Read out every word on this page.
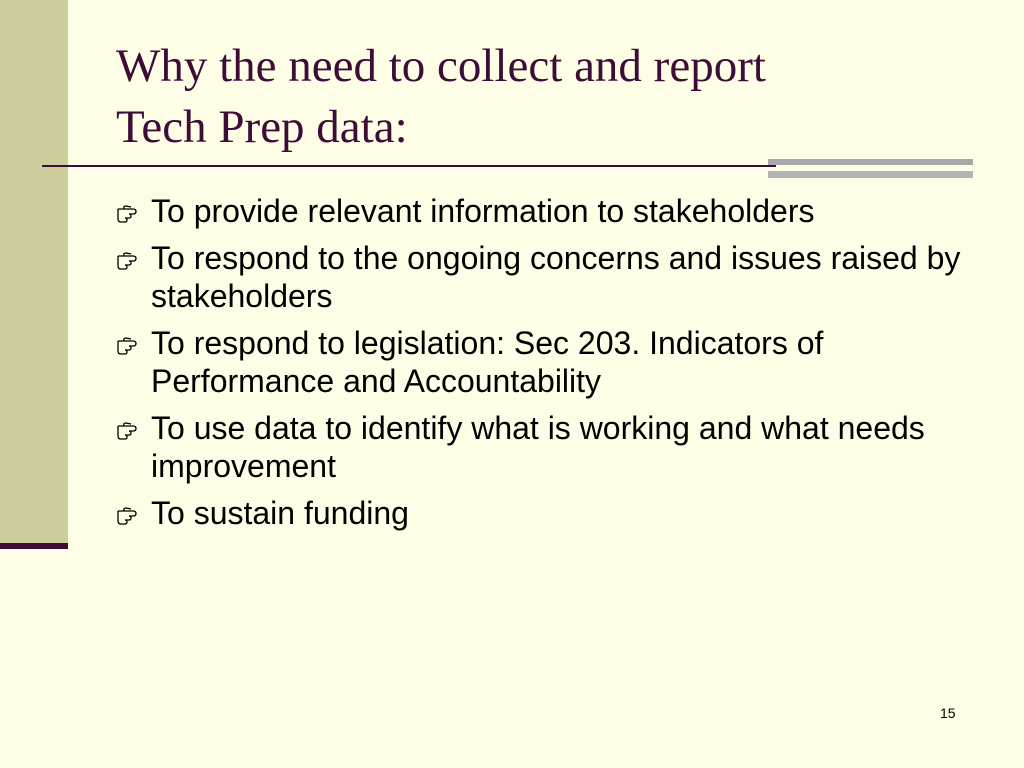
Why the need to collect and report
Tech Prep data:
To provide relevant information to stakeholders
To respond to the ongoing concerns and issues raised by stakeholders
To respond to legislation: Sec 203. Indicators of Performance and Accountability
To use data to identify what is working and what needs improvement
To sustain funding
15
